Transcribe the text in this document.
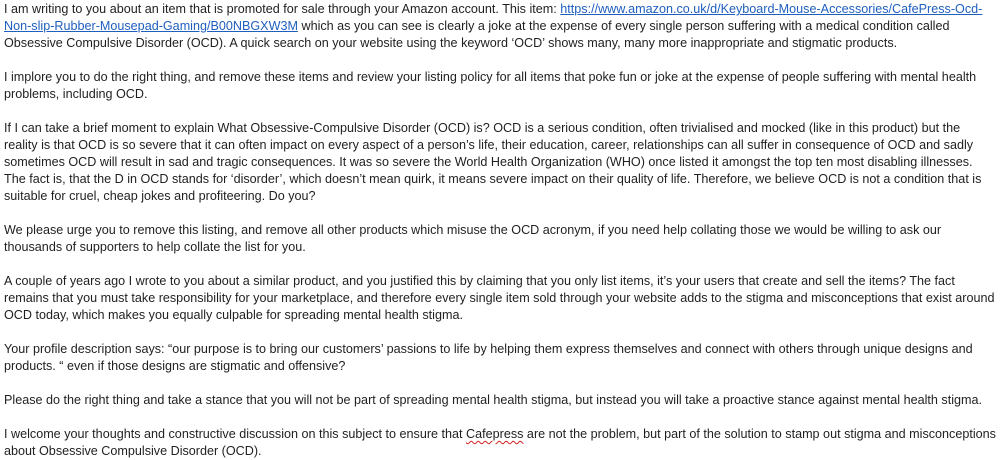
I am writing to you about an item that is promoted for sale through your Amazon account. This item: https://www.amazon.co.uk/d/Keyboard-Mouse-Accessories/CafePress-Ocd-Non-slip-Rubber-Mousepad-Gaming/B00NBGXW3M which as you can see is clearly a joke at the expense of every single person suffering with a medical condition called Obsessive Compulsive Disorder (OCD). A quick search on your website using the keyword ‘OCD’ shows many, many more inappropriate and stigmatic products.

I implore you to do the right thing, and remove these items and review your listing policy for all items that poke fun or joke at the expense of people suffering with mental health problems, including OCD.

If I can take a brief moment to explain What Obsessive-Compulsive Disorder (OCD) is? OCD is a serious condition, often trivialised and mocked (like in this product) but the reality is that OCD is so severe that it can often impact on every aspect of a person’s life, their education, career, relationships can all suffer in consequence of OCD and sadly sometimes OCD will result in sad and tragic consequences. It was so severe the World Health Organization (WHO) once listed it amongst the top ten most disabling illnesses. The fact is, that the D in OCD stands for ‘disorder’, which doesn’t mean quirk, it means severe impact on their quality of life. Therefore, we believe OCD is not a condition that is suitable for cruel, cheap jokes and profiteering. Do you?

We please urge you to remove this listing, and remove all other products which misuse the OCD acronym, if you need help collating those we would be willing to ask our thousands of supporters to help collate the list for you.

A couple of years ago I wrote to you about a similar product, and you justified this by claiming that you only list items, it’s your users that create and sell the items? The fact remains that you must take responsibility for your marketplace, and therefore every single item sold through your website adds to the stigma and misconceptions that exist around OCD today, which makes you equally culpable for spreading mental health stigma.

Your profile description says: “our purpose is to bring our customers’ passions to life by helping them express themselves and connect with others through unique designs and products. “ even if those designs are stigmatic and offensive?

Please do the right thing and take a stance that you will not be part of spreading mental health stigma, but instead you will take a proactive stance against mental health stigma.

I welcome your thoughts and constructive discussion on this subject to ensure that Cafepress are not the problem, but part of the solution to stamp out stigma and misconceptions about Obsessive Compulsive Disorder (OCD).
